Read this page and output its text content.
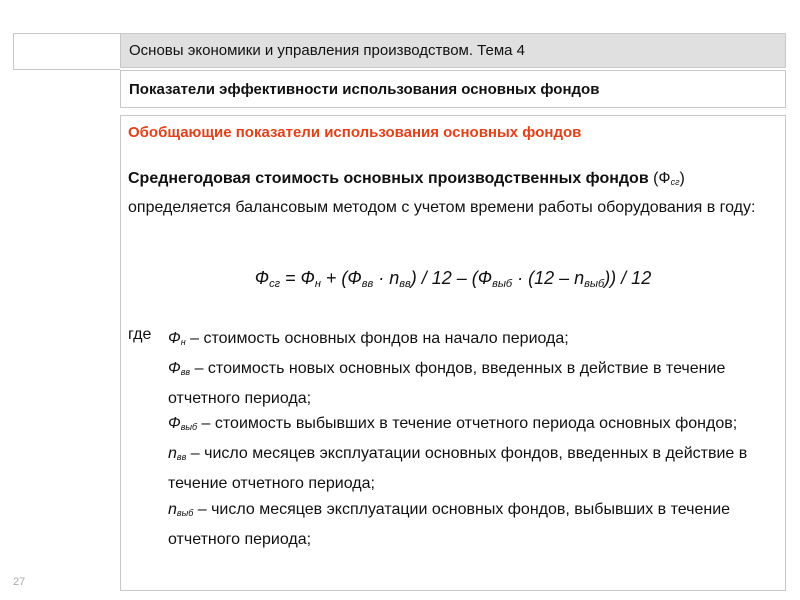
Основы экономики и управления производством. Тема 4
Показатели эффективности использования основных фондов
Обобщающие показатели использования основных фондов
Среднегодовая стоимость основных производственных фондов $(Ф_{сг})$ определяется балансовым методом с учетом времени работы оборудования в году:
$Ф_{сг} = Ф_н + (Ф_{вв} \cdot n_{вв}) / 12 - (Ф_{выб} \cdot (12 - n_{выб})) / 12$
где $Ф_н$ – стоимость основных фондов на начало периода;
$Ф_{вв}$ – стоимость новых основных фондов, введенных в действие в течение отчетного периода;
$Ф_{выб}$ – стоимость выбывших в течение отчетного периода основных фондов;
$n_{вв}$ – число месяцев эксплуатации основных фондов, введенных в действие в течение отчетного периода;
$n_{выб}$ – число месяцев эксплуатации основных фондов, выбывших в течение отчетного периода;
27
